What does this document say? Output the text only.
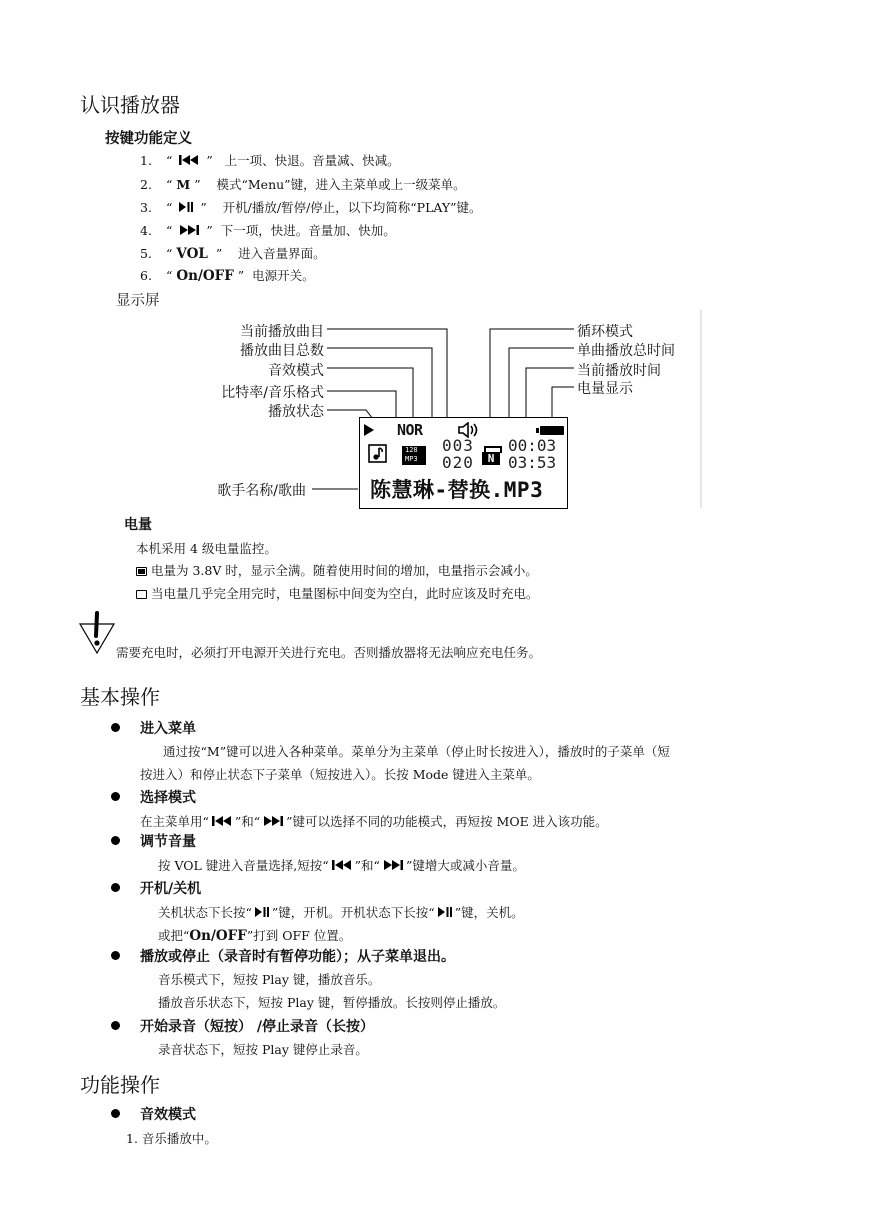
认识播放器
按键功能定义
1. “  ”   上一项、快退。音量减、快减。
2. “ M ”    模式“Menu”键，进入主菜单或上一级菜单。
3. “  ”    开机/播放/暂停/停止，以下均简称“PLAY”键。
4. “  ”  下一项，快进。音量加、快加。
5. “ VOL  ”    进入音量界面。
6. “ On/OFF ”  电源开关。
显示屏
当前播放曲目
播放曲目总数
音效模式
比特率/音乐格式
播放状态
歌手名称/歌曲
循环模式
单曲播放总时间
当前播放时间
电量显示
NOR
128
MP3
003
020	N
00:03
03:53
陈慧琳-替换.MP3
电量
本机采用 4 级电量监控。
电量为 3.8V 时，显示全满。随着使用时间的增加，电量指示会减小。
当电量几乎完全用完时，电量图标中间变为空白，此时应该及时充电。
需要充电时，必须打开电源开关进行充电。否则播放器将无法响应充电任务。
基本操作
进入菜单
通过按“M”键可以进入各种菜单。菜单分为主菜单（停止时长按进入），播放时的子菜单（短
按进入）和停止状态下子菜单（短按进入）。长按 Mode 键进入主菜单。
选择模式
在主菜单用“ ”和“ ”键可以选择不同的功能模式，再短按 MOE 进入该功能。
调节音量
按 VOL 键进入音量选择,短按“ ”和“ ”键增大或减小音量。
开机/关机
关机状态下长按“ ”键，开机。开机状态下长按“ ”键，关机。
或把“On/OFF”打到 OFF 位置。
播放或停止（录音时有暂停功能）；从子菜单退出。
音乐模式下，短按 Play 键，播放音乐。
播放音乐状态下，短按 Play 键，暂停播放。长按则停止播放。
开始录音（短按） /停止录音（长按）
录音状态下，短按 Play 键停止录音。
功能操作
音效模式
1. 音乐播放中。
